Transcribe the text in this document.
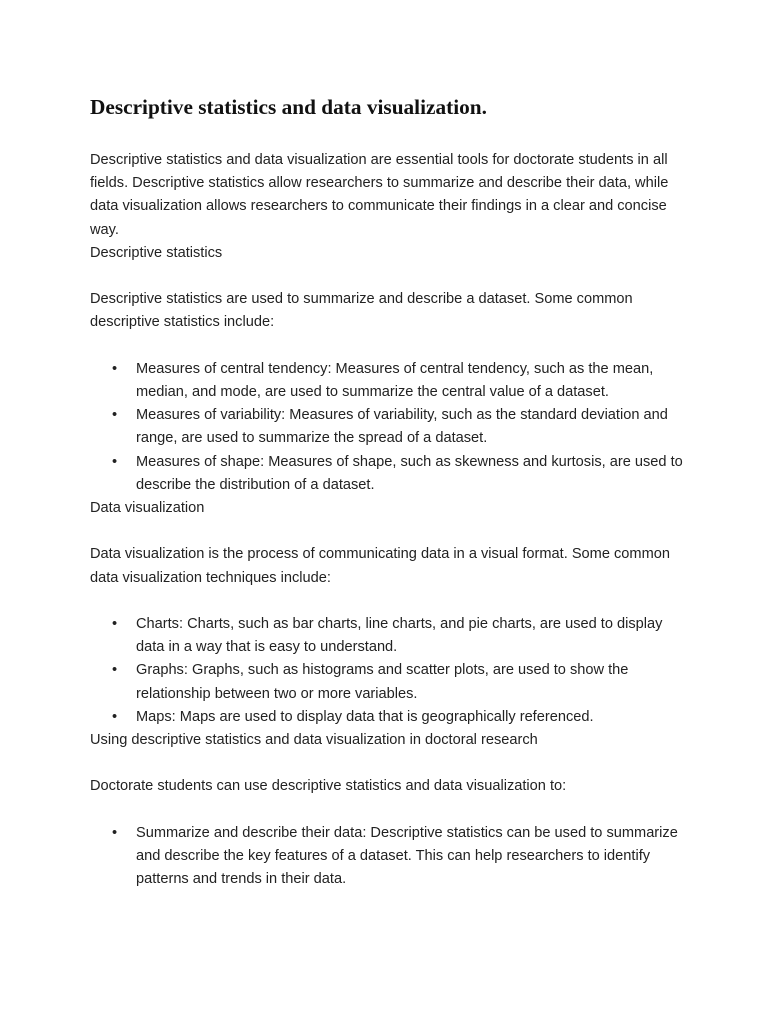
Descriptive statistics and data visualization.

Descriptive statistics and data visualization are essential tools for doctorate students in all fields. Descriptive statistics allow researchers to summarize and describe their data, while data visualization allows researchers to communicate their findings in a clear and concise way.

Descriptive statistics

Descriptive statistics are used to summarize and describe a dataset. Some common descriptive statistics include:

• Measures of central tendency: Measures of central tendency, such as the mean, median, and mode, are used to summarize the central value of a dataset.
• Measures of variability: Measures of variability, such as the standard deviation and range, are used to summarize the spread of a dataset.
• Measures of shape: Measures of shape, such as skewness and kurtosis, are used to describe the distribution of a dataset.

Data visualization

Data visualization is the process of communicating data in a visual format. Some common data visualization techniques include:

• Charts: Charts, such as bar charts, line charts, and pie charts, are used to display data in a way that is easy to understand.
• Graphs: Graphs, such as histograms and scatter plots, are used to show the relationship between two or more variables.
• Maps: Maps are used to display data that is geographically referenced.

Using descriptive statistics and data visualization in doctoral research

Doctorate students can use descriptive statistics and data visualization to:

• Summarize and describe their data: Descriptive statistics can be used to summarize and describe the key features of a dataset. This can help researchers to identify patterns and trends in their data.
